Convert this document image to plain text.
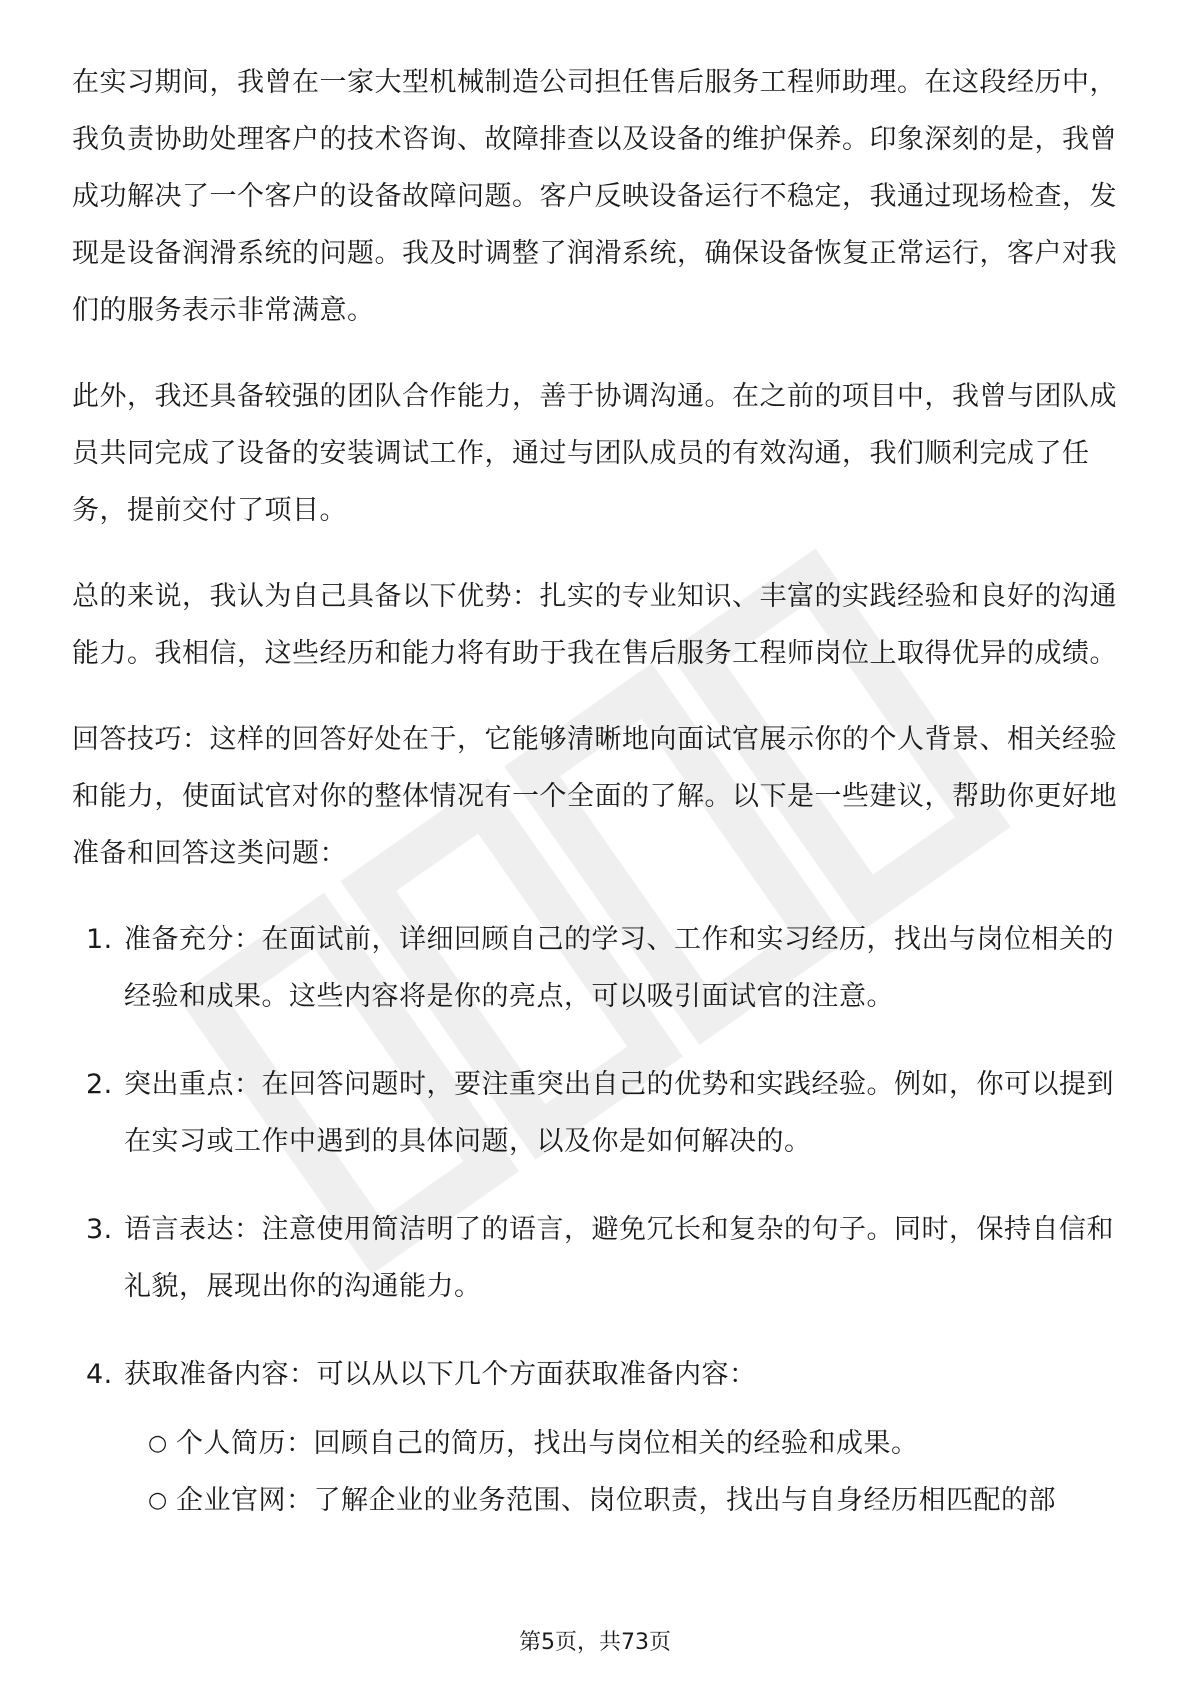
在实习期间，我曾在一家大型机械制造公司担任售后服务工程师助理。在这段经历中，我负责协助处理客户的技术咨询、故障排查以及设备的维护保养。印象深刻的是，我曾成功解决了一个客户的设备故障问题。客户反映设备运行不稳定，我通过现场检查，发现是设备润滑系统的问题。我及时调整了润滑系统，确保设备恢复正常运行，客户对我们的服务表示非常满意。

此外，我还具备较强的团队合作能力，善于协调沟通。在之前的项目中，我曾与团队成员共同完成了设备的安装调试工作，通过与团队成员的有效沟通，我们顺利完成了任务，提前交付了项目。

总的来说，我认为自己具备以下优势：扎实的专业知识、丰富的实践经验和良好的沟通能力。我相信，这些经历和能力将有助于我在售后服务工程师岗位上取得优异的成绩。

回答技巧：这样的回答好处在于，它能够清晰地向面试官展示你的个人背景、相关经验和能力，使面试官对你的整体情况有一个全面的了解。以下是一些建议，帮助你更好地准备和回答这类问题：

1. 准备充分：在面试前，详细回顾自己的学习、工作和实习经历，找出与岗位相关的经验和成果。这些内容将是你的亮点，可以吸引面试官的注意。
2. 突出重点：在回答问题时，要注重突出自己的优势和实践经验。例如，你可以提到在实习或工作中遇到的具体问题，以及你是如何解决的。
3. 语言表达：注意使用简洁明了的语言，避免冗长和复杂的句子。同时，保持自信和礼貌，展现出你的沟通能力。
4. 获取准备内容：可以从以下几个方面获取准备内容：
○ 个人简历：回顾自己的简历，找出与岗位相关的经验和成果。
○ 企业官网：了解企业的业务范围、岗位职责，找出与自身经历相匹配的部
第5页，共73页
